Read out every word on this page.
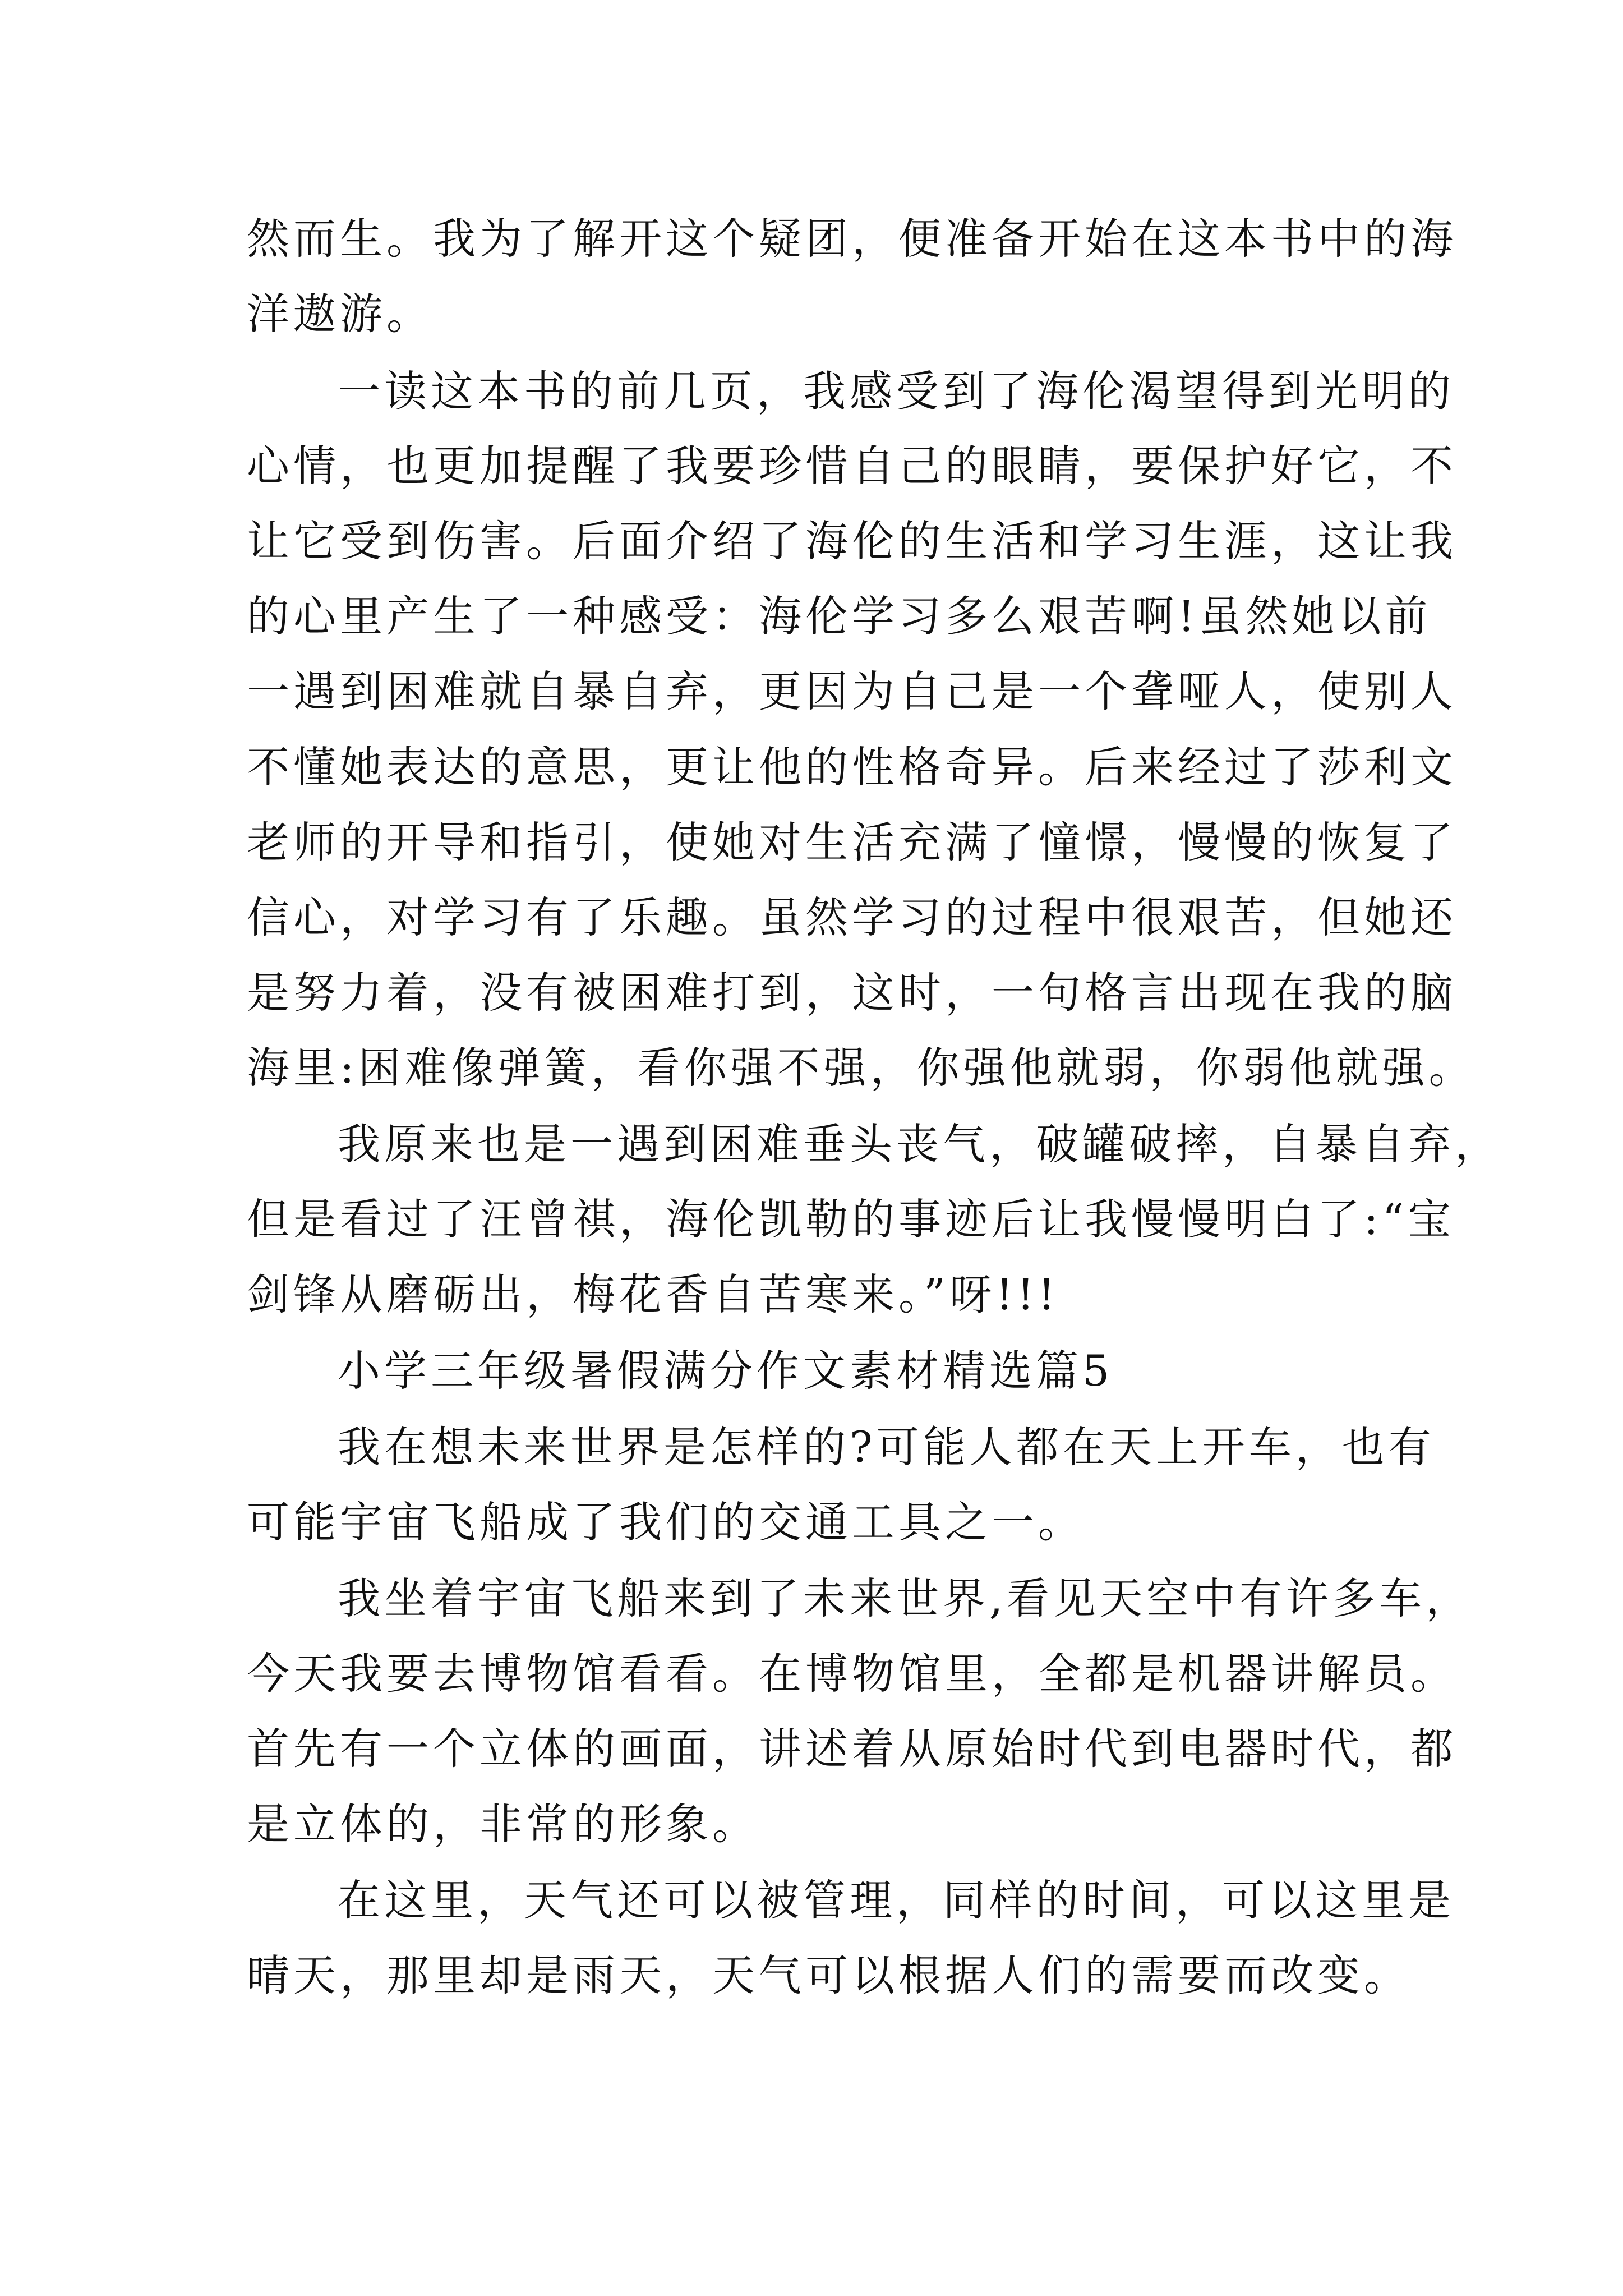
然而生。我为了解开这个疑团，便准备开始在这本书中的海
洋遨游。
一读这本书的前几页，我感受到了海伦渴望得到光明的
心情，也更加提醒了我要珍惜自己的眼睛，要保护好它，不
让它受到伤害。后面介绍了海伦的生活和学习生涯，这让我
的心里产生了一种感受：海伦学习多么艰苦啊!虽然她以前
一遇到困难就自暴自弃，更因为自己是一个聋哑人，使别人
不懂她表达的意思，更让他的性格奇异。后来经过了莎利文
老师的开导和指引，使她对生活充满了憧憬，慢慢的恢复了
信心，对学习有了乐趣。虽然学习的过程中很艰苦，但她还
是努力着，没有被困难打到，这时，一句格言出现在我的脑
海里:困难像弹簧，看你强不强，你强他就弱，你弱他就强。
我原来也是一遇到困难垂头丧气，破罐破摔，自暴自弃，
但是看过了汪曾祺，海伦凯勒的事迹后让我慢慢明白了:“宝
剑锋从磨砺出，梅花香自苦寒来。”呀!!!
小学三年级暑假满分作文素材精选篇5
我在想未来世界是怎样的?可能人都在天上开车，也有
可能宇宙飞船成了我们的交通工具之一。
我坐着宇宙飞船来到了未来世界,看见天空中有许多车，
今天我要去博物馆看看。在博物馆里，全都是机器讲解员。
首先有一个立体的画面，讲述着从原始时代到电器时代，都
是立体的，非常的形象。
在这里，天气还可以被管理，同样的时间，可以这里是
晴天，那里却是雨天，天气可以根据人们的需要而改变。
